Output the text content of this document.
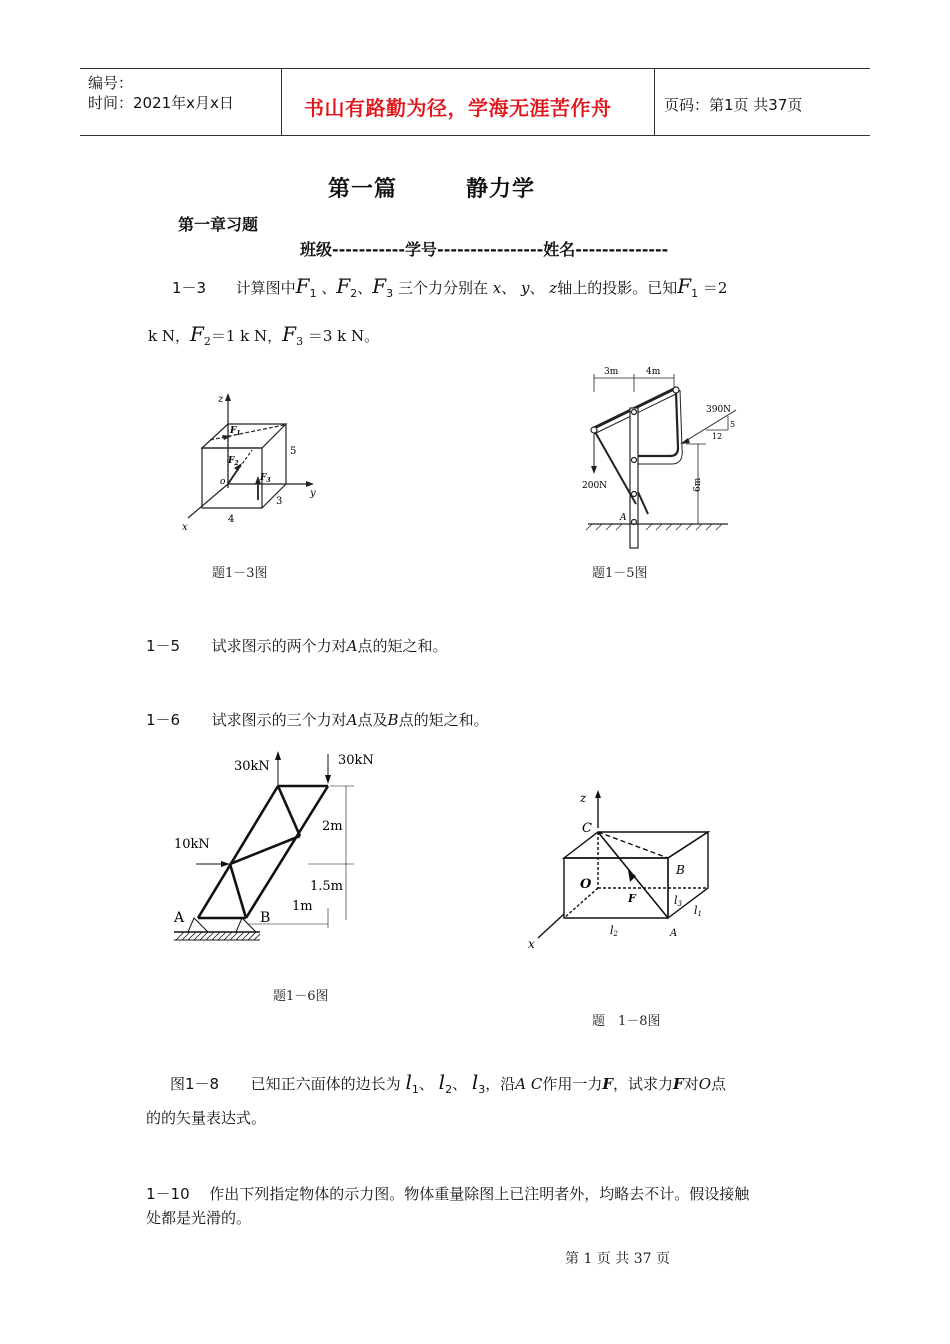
编号：
时间：2021年x月x日	书山有路勤为径，学海无涯苦作舟	页码：第1页 共37页
第一篇	静力学
第一章习题
班级-----------学号----------------姓名--------------
1－3 计算图中$F_1$ 、$F_2$、$F_3$ 三个力分别在 x、 y、 z轴上的投影。已知$F_1 =2$
k N，$F_2=1$ k N，$F_3 =3$ k N。
z
x
y
o
$F_1$
$F_2$
$F_3$
5
4
3
题1－3图
3m	4m
390N
5
12
200N	6m
A
题1－5图
1－5 试求图示的两个力对A点的矩之和。
1－6 试求图示的三个力对A点及B点的矩之和。
30kN	30kN
10kN
2m
1.5m
1m
A	B
题1－6图
z
x
C
O
B
F
A
l2
l3 l1
题　1－8图
图1－8 已知正六面体的边长为 $l_1$、 $l_2$、 $l_3$，沿A C作用一力F，试求力F对O点
的的矢量表达式。
1－10 作出下列指定物体的示力图。物体重量除图上已注明者外，均略去不计。假设接触
处都是光滑的。
第 1 页 共 37 页
